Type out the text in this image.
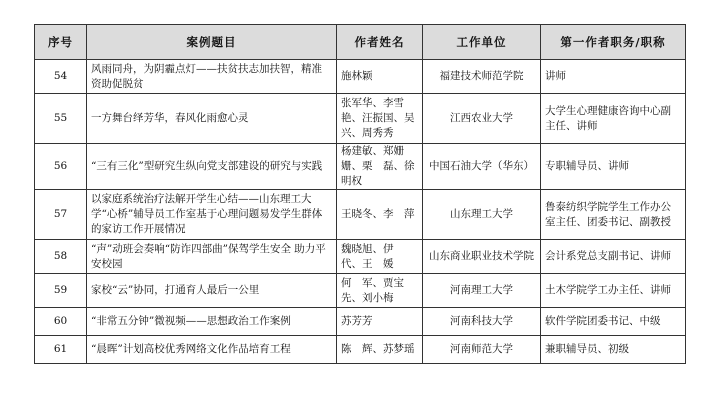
序号	案例题目	作者姓名	工作单位	第一作者职务/职称
54	风雨同舟，为阴霾点灯——扶贫扶志加扶智，精准资助促脱贫	施林颖	福建技术师范学院	讲师
55	一方舞台绎芳华，春风化雨愈心灵	张军华、李雪艳、汪振国、吴　兴、周秀秀	江西农业大学	大学生心理健康咨询中心副主任、讲师
56	“三有三化”型研究生纵向党支部建设的研究与实践	杨建敏、郑姗姗、栗　磊、徐明权	中国石油大学（华东）	专职辅导员、讲师
57	以家庭系统治疗法解开学生心结——山东理工大学“心桥”辅导员工作室基于心理问题易发学生群体的家访工作开展情况	王晓冬、李　萍	山东理工大学	鲁泰纺织学院学生工作办公室主任、团委书记、副教授
58	“声”动班会奏响“防诈四部曲”保驾学生安全 助力平安校园	魏晓旭、伊　代、王　媛	山东商业职业技术学院	会计系党总支副书记、讲师
59	家校“云”协同，打通育人最后一公里	何　军、贾宝先、刘小梅	河南理工大学	土木学院学工办主任、讲师
60	“非常五分钟”微视频——思想政治工作案例	苏芳芳	河南科技大学	软件学院团委书记、中级
61	“晨晖”计划高校优秀网络文化作品培育工程	陈　辉、苏梦瑶	河南师范大学	兼职辅导员、初级
